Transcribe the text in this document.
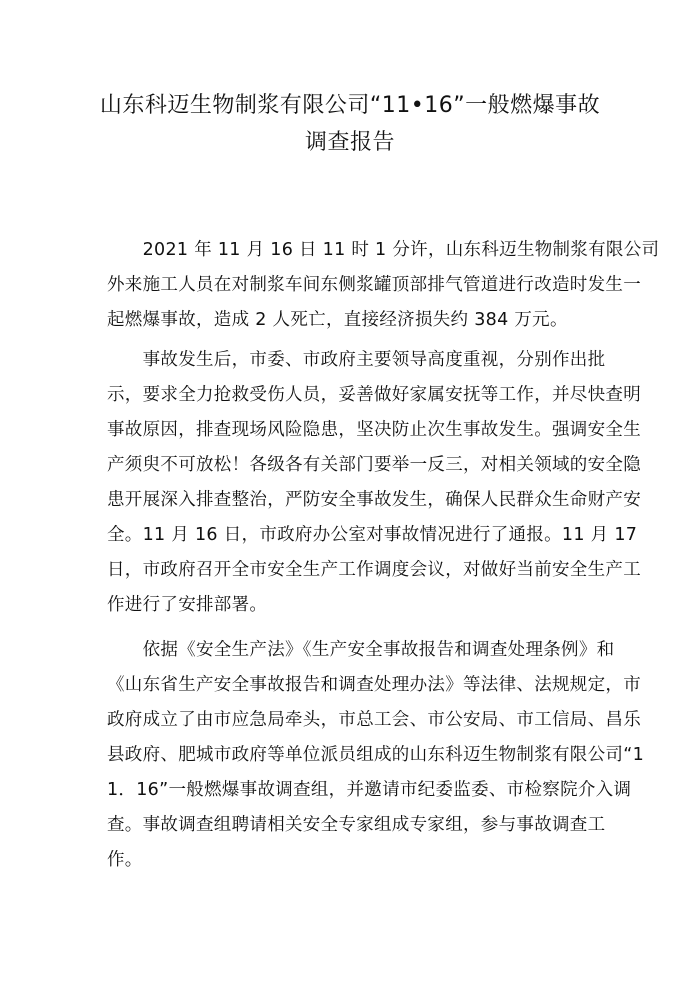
山东科迈生物制浆有限公司“11•16”一般燃爆事故
调查报告
　　2021 年 11 月 16 日 11 时 1 分许，山东科迈生物制浆有限公司
外来施工人员在对制浆车间东侧浆罐顶部排气管道进行改造时发生一
起燃爆事故，造成 2 人死亡，直接经济损失约 384 万元。
　　事故发生后，市委、市政府主要领导高度重视，分别作出批
示，要求全力抢救受伤人员，妥善做好家属安抚等工作，并尽快查明
事故原因，排查现场风险隐患，坚决防止次生事故发生。强调安全生
产须臾不可放松！各级各有关部门要举一反三，对相关领域的安全隐
患开展深入排查整治，严防安全事故发生，确保人民群众生命财产安
全。11 月 16 日，市政府办公室对事故情况进行了通报。11 月 17
日，市政府召开全市安全生产工作调度会议，对做好当前安全生产工
作进行了安排部署。
　　依据《安全生产法》《生产安全事故报告和调查处理条例》和
《山东省生产安全事故报告和调查处理办法》等法律、法规规定，市
政府成立了由市应急局牵头，市总工会、市公安局、市工信局、昌乐
县政府、肥城市政府等单位派员组成的山东科迈生物制浆有限公司“1
1．16”一般燃爆事故调查组，并邀请市纪委监委、市检察院介入调
查。事故调查组聘请相关安全专家组成专家组，参与事故调查工
作。
